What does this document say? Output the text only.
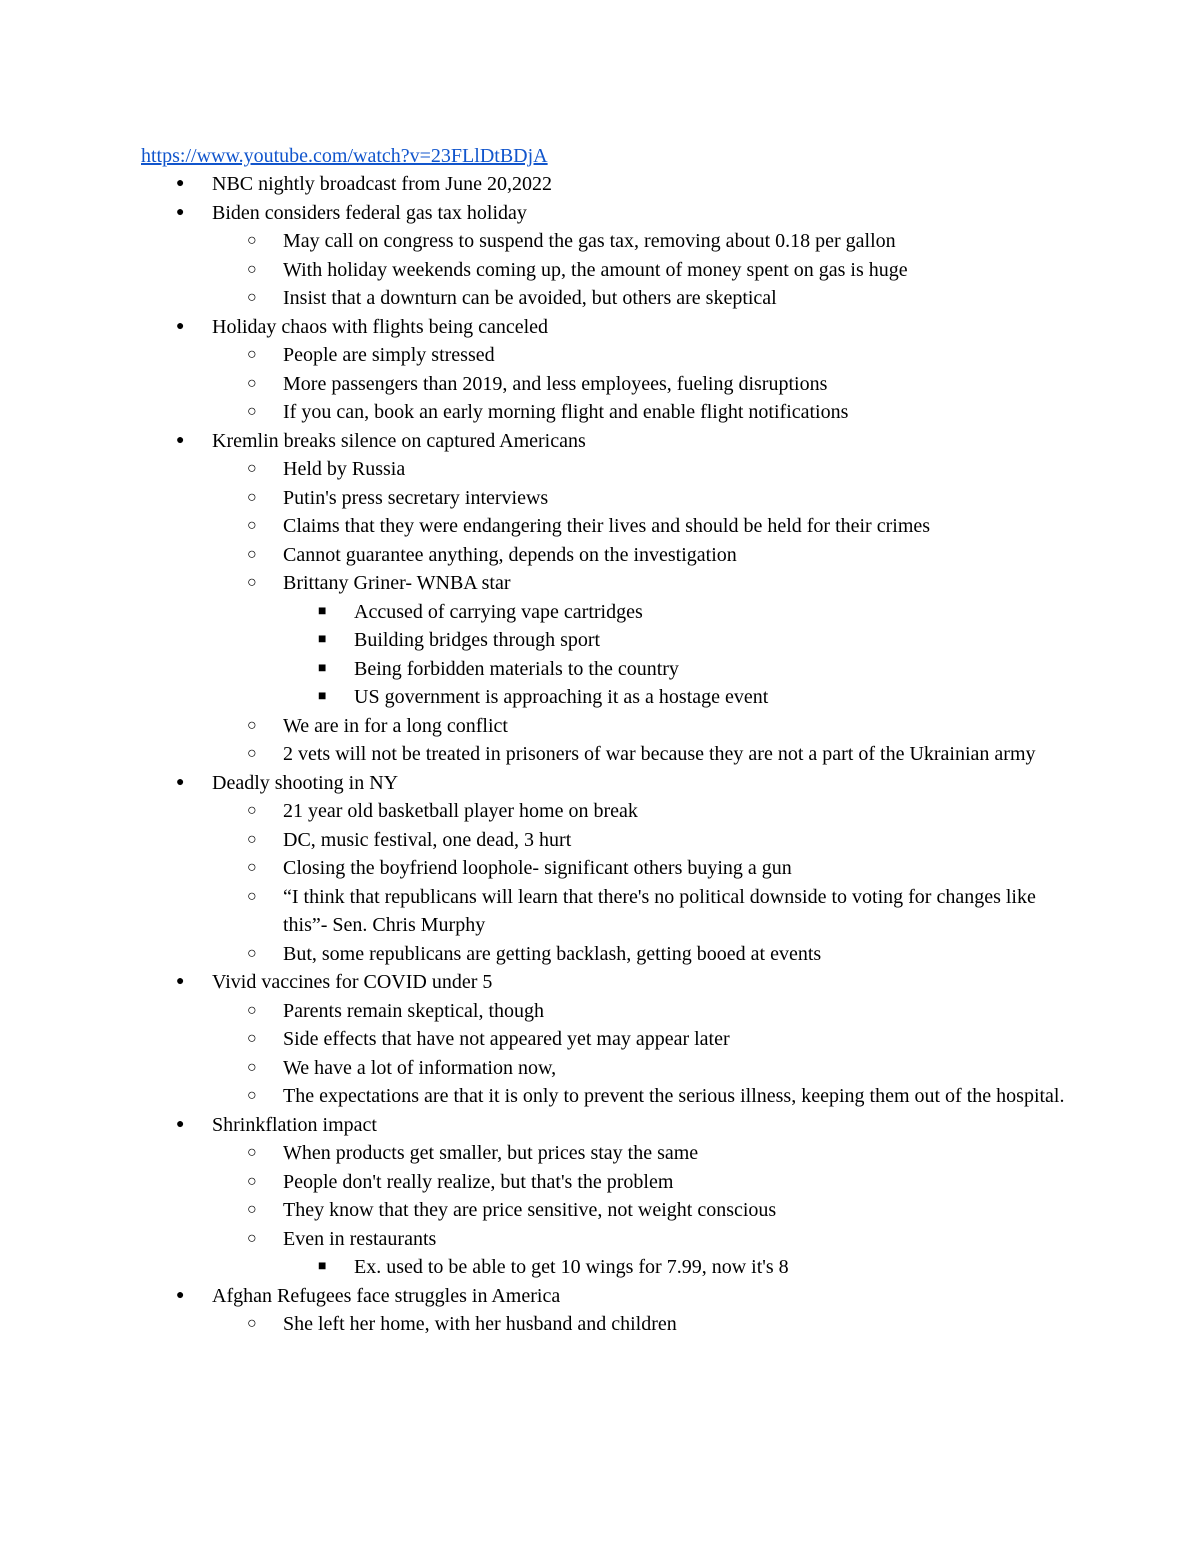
https://www.youtube.com/watch?v=23FLlDtBDjA
● NBC nightly broadcast from June 20,2022
● Biden considers federal gas tax holiday
○ May call on congress to suspend the gas tax, removing about 0.18 per gallon
○ With holiday weekends coming up, the amount of money spent on gas is huge
○ Insist that a downturn can be avoided, but others are skeptical
● Holiday chaos with flights being canceled
○ People are simply stressed
○ More passengers than 2019, and less employees, fueling disruptions
○ If you can, book an early morning flight and enable flight notifications
● Kremlin breaks silence on captured Americans
○ Held by Russia
○ Putin's press secretary interviews
○ Claims that they were endangering their lives and should be held for their crimes
○ Cannot guarantee anything, depends on the investigation
○ Brittany Griner- WNBA star
■ Accused of carrying vape cartridges
■ Building bridges through sport
■ Being forbidden materials to the country
■ US government is approaching it as a hostage event
○ We are in for a long conflict
○ 2 vets will not be treated in prisoners of war because they are not a part of the Ukrainian army
● Deadly shooting in NY
○ 21 year old basketball player home on break
○ DC, music festival, one dead, 3 hurt
○ Closing the boyfriend loophole- significant others buying a gun
○ “I think that republicans will learn that there's no political downside to voting for changes like this”- Sen. Chris Murphy
○ But, some republicans are getting backlash, getting booed at events
● Vivid vaccines for COVID under 5
○ Parents remain skeptical, though
○ Side effects that have not appeared yet may appear later
○ We have a lot of information now,
○ The expectations are that it is only to prevent the serious illness, keeping them out of the hospital.
● Shrinkflation impact
○ When products get smaller, but prices stay the same
○ People don't really realize, but that's the problem
○ They know that they are price sensitive, not weight conscious
○ Even in restaurants
■ Ex. used to be able to get 10 wings for 7.99, now it's 8
● Afghan Refugees face struggles in America
○ She left her home, with her husband and children
